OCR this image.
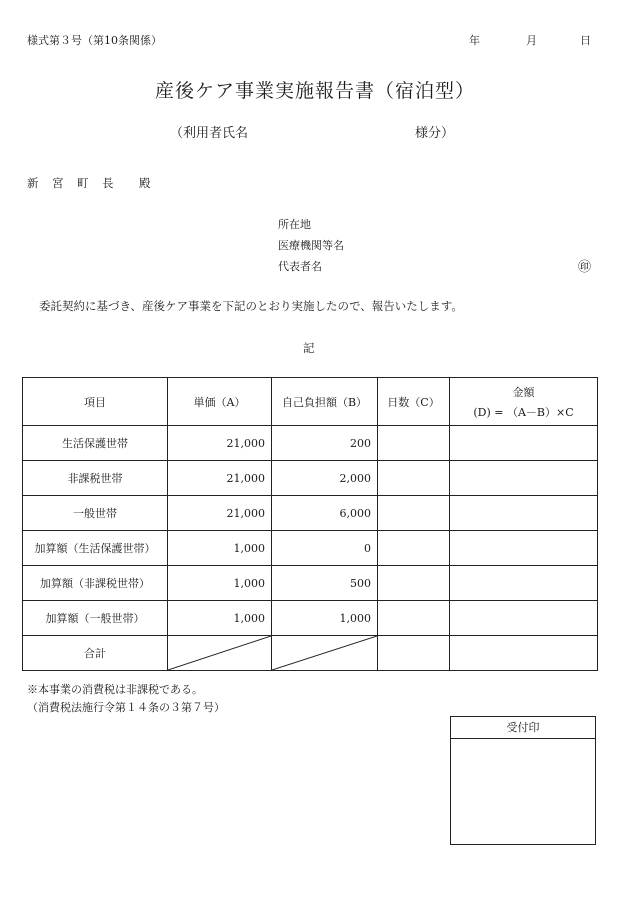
様式第３号（第10条関係）	年	月	日
産後ケア事業実施報告書（宿泊型）
（利用者氏名	様分）
新　宮　町　長 殿
所在地
医療機関等名
代表者名	㊞
委託契約に基づき、産後ケア事業を下記のとおり実施したので、報告いたします。
記
項目	単価（A）	自己負担額（B）	日数（C）	金額
(D) = （A－B）×C

生活保護世帯	21,000	200		
非課税世帯	21,000	2,000		
一般世帯	21,000	6,000		
加算額（生活保護世帯）	1,000	0		
加算額（非課税世帯）	1,000	500		
加算額（一般世帯）	1,000	1,000		
合計	

※本事業の消費税は非課税である。
（消費税法施行令第１４条の３第７号）
受付印
